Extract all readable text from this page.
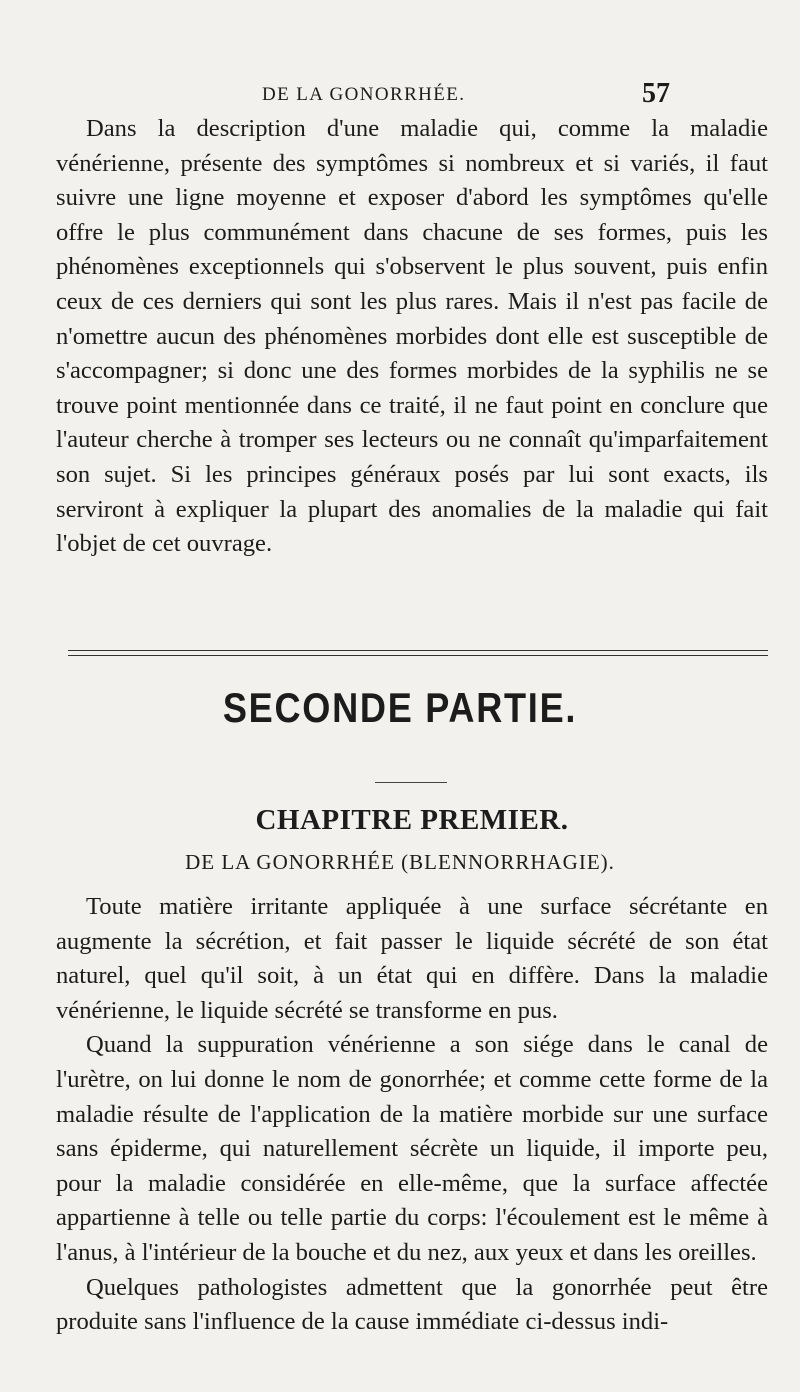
DE LA GONORRHÉE.	57

Dans la description d'une maladie qui, comme la maladie vénérienne, présente des symptômes si nombreux et si variés, il faut suivre une ligne moyenne et exposer d'abord les symptômes qu'elle offre le plus communément dans chacune de ses formes, puis les phénomènes exceptionnels qui s'observent le plus souvent, puis enfin ceux de ces derniers qui sont les plus rares. Mais il n'est pas facile de n'omettre aucun des phénomènes morbides dont elle est susceptible de s'accompagner; si donc une des formes morbides de la syphilis ne se trouve point mentionnée dans ce traité, il ne faut point en conclure que l'auteur cherche à tromper ses lecteurs ou ne connaît qu'imparfaitement son sujet. Si les principes généraux posés par lui sont exacts, ils serviront à expliquer la plupart des anomalies de la maladie qui fait l'objet de cet ouvrage.

SECONDE PARTIE.
CHAPITRE PREMIER.
DE LA GONORRHÉE (BLENNORRHAGIE).

Toute matière irritante appliquée à une surface sécrétante en augmente la sécrétion, et fait passer le liquide sécrété de son état naturel, quel qu'il soit, à un état qui en diffère. Dans la maladie vénérienne, le liquide sécrété se transforme en pus.

Quand la suppuration vénérienne a son siége dans le canal de l'urètre, on lui donne le nom de gonorrhée; et comme cette forme de la maladie résulte de l'application de la matière morbide sur une surface sans épiderme, qui naturellement sécrète un liquide, il importe peu, pour la maladie considérée en elle-même, que la surface affectée appartienne à telle ou telle partie du corps: l'écoulement est le même à l'anus, à l'intérieur de la bouche et du nez, aux yeux et dans les oreilles.

Quelques pathologistes admettent que la gonorrhée peut être produite sans l'influence de la cause immédiate ci-dessus indi-
